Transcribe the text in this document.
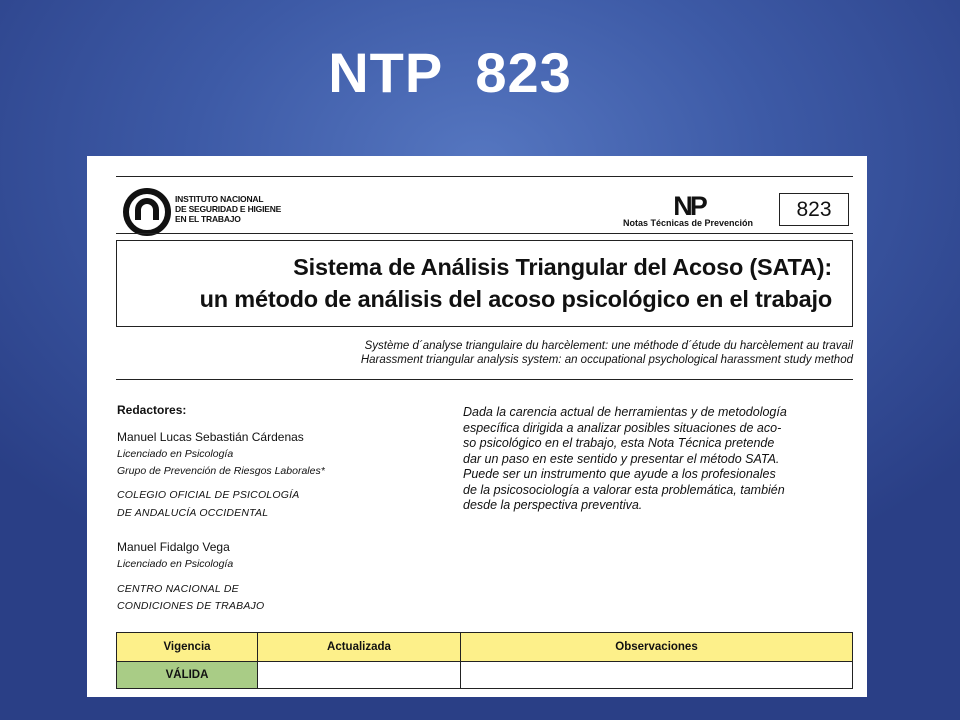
NTP  823
INSTITUTO NACIONAL
DE SEGURIDAD E HIGIENE
EN EL TRABAJO	NP
Notas Técnicas de Prevención
823
Sistema de Análisis Triangular del Acoso (SATA):
un método de análisis del acoso psicológico en el trabajo
Système d´analyse triangulaire du harcèlement: une méthode d´étude du harcèlement au travail
Harassment triangular analysis system: an occupational psychological harassment study method
Redactores:
Manuel Lucas Sebastián Cárdenas
Licenciado en Psicología
Grupo de Prevención de Riesgos Laborales*
COLEGIO OFICIAL DE PSICOLOGÍA
DE ANDALUCÍA OCCIDENTAL
Manuel Fidalgo Vega
Licenciado en Psicología
CENTRO NACIONAL DE
CONDICIONES DE TRABAJO
Dada la carencia actual de herramientas y de metodología
específica dirigida a analizar posibles situaciones de aco-
so psicológico en el trabajo, esta Nota Técnica pretende
dar un paso en este sentido y presentar el método SATA.
Puede ser un instrumento que ayude a los profesionales
de la psicosociología a valorar esta problemática, también
desde la perspectiva preventiva.
Vigencia	Actualizada	Observaciones
VÁLIDA		
